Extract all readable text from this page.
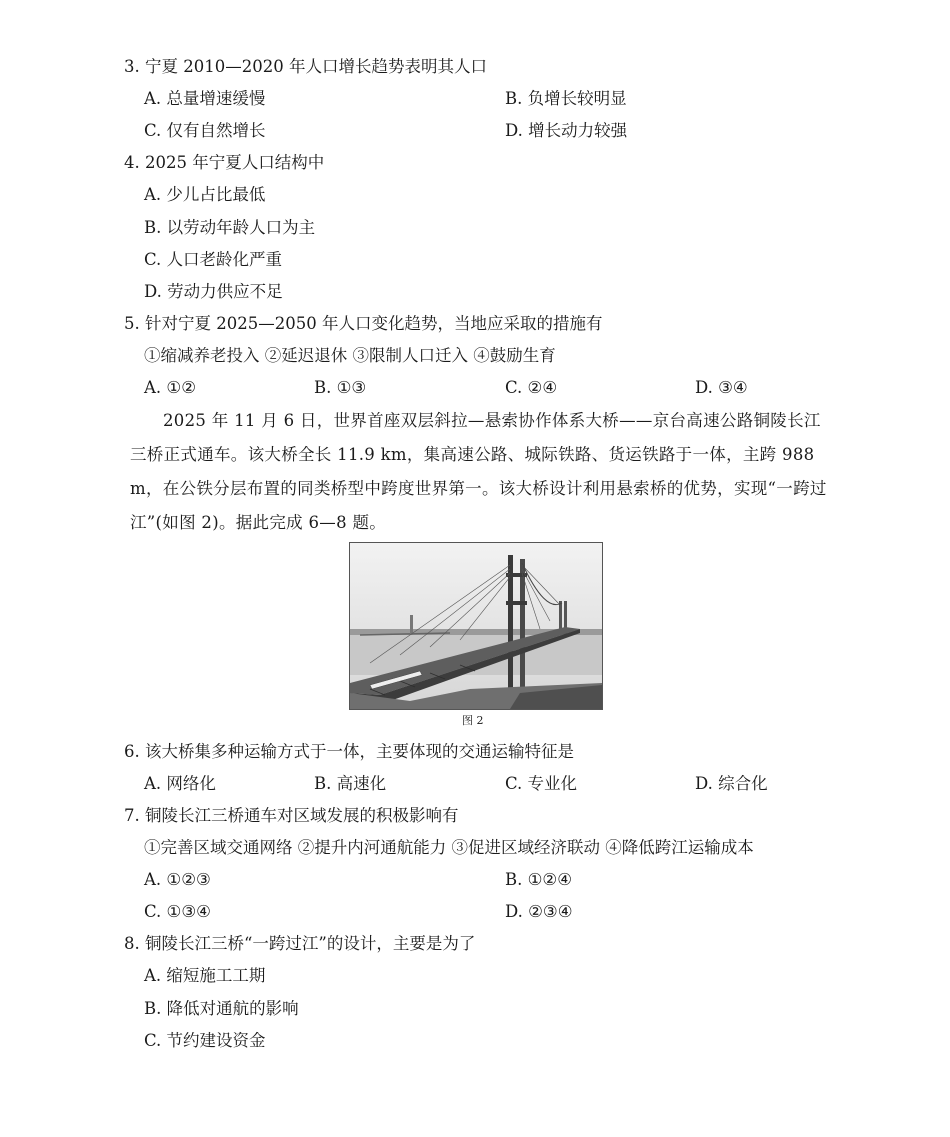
3. 宁夏 2010—2020 年人口增长趋势表明其人口
A. 总量增速缓慢	B. 负增长较明显
C. 仅有自然增长	D. 增长动力较强
4. 2025 年宁夏人口结构中
A. 少儿占比最低
B. 以劳动年龄人口为主
C. 人口老龄化严重
D. 劳动力供应不足
5. 针对宁夏 2025—2050 年人口变化趋势，当地应采取的措施有
①缩减养老投入 ②延迟退休 ③限制人口迁入 ④鼓励生育
A. ①②	B. ①③	C. ②④	D. ③④
2025 年 11 月 6 日，世界首座双层斜拉—悬索协作体系大桥——京台高速公路铜陵长江三桥正式通车。该大桥全长 11.9 km，集高速公路、城际铁路、货运铁路于一体，主跨 988 m，在公铁分层布置的同类桥型中跨度世界第一。该大桥设计利用悬索桥的优势，实现“一跨过江”(如图 2)。据此完成 6—8 题。
图 2
6. 该大桥集多种运输方式于一体，主要体现的交通运输特征是
A. 网络化	B. 高速化	C. 专业化	D. 综合化
7. 铜陵长江三桥通车对区域发展的积极影响有
①完善区域交通网络 ②提升内河通航能力 ③促进区域经济联动 ④降低跨江运输成本
A. ①②③	B. ①②④
C. ①③④	D. ②③④
8. 铜陵长江三桥“一跨过江”的设计，主要是为了
A. 缩短施工工期
B. 降低对通航的影响
C. 节约建设资金
